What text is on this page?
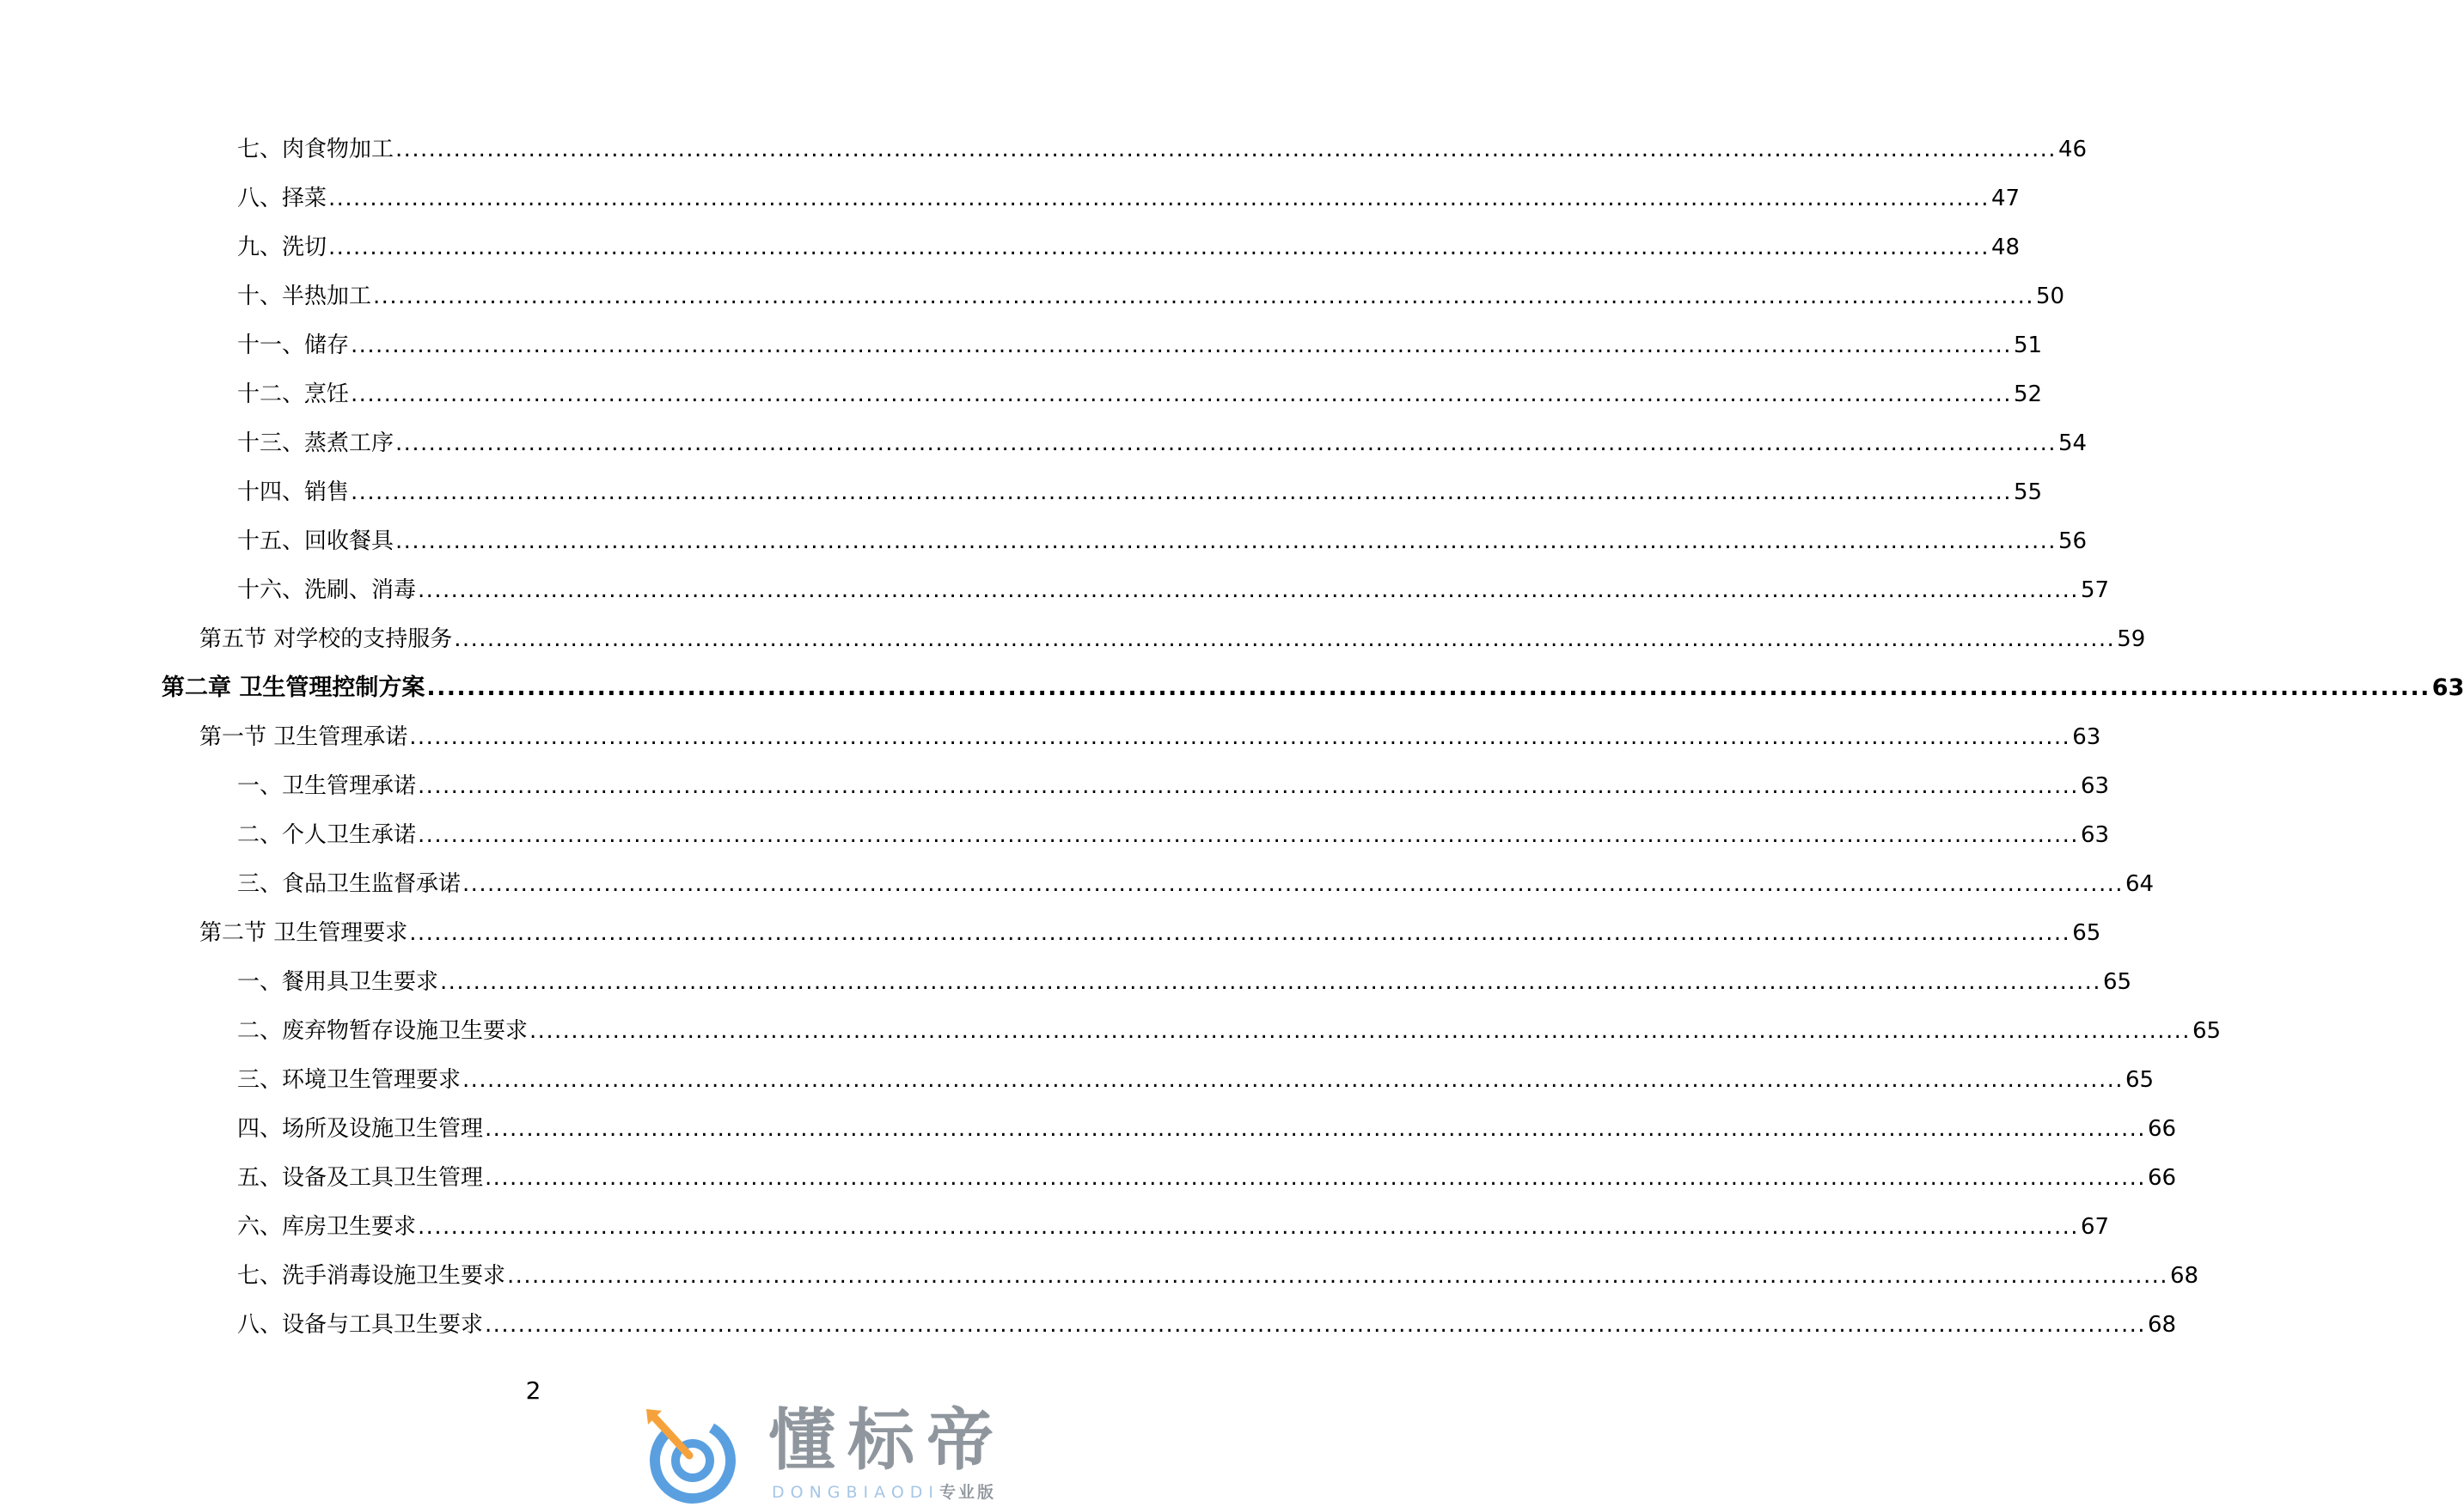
七、肉食物加工 ........................................................................................................................................................................................................ 46
八、择菜 ........................................................................................................................................................................................................ 47
九、洗切 ........................................................................................................................................................................................................ 48
十、半热加工 ........................................................................................................................................................................................................ 50
十一、储存 ........................................................................................................................................................................................................ 51
十二、烹饪 ........................................................................................................................................................................................................ 52
十三、蒸煮工序 ........................................................................................................................................................................................................ 54
十四、销售 ........................................................................................................................................................................................................ 55
十五、回收餐具 ........................................................................................................................................................................................................ 56
十六、洗刷、消毒 ........................................................................................................................................................................................................ 57
第五节 对学校的支持服务 ........................................................................................................................................................................................................ 59
第二章 卫生管理控制方案 ........................................................................................................................................................................................................ 63
第一节 卫生管理承诺 ........................................................................................................................................................................................................ 63
一、卫生管理承诺 ........................................................................................................................................................................................................ 63
二、个人卫生承诺 ........................................................................................................................................................................................................ 63
三、食品卫生监督承诺 ........................................................................................................................................................................................................ 64
第二节 卫生管理要求 ........................................................................................................................................................................................................ 65
一、餐用具卫生要求 ........................................................................................................................................................................................................ 65
二、废弃物暂存设施卫生要求 ........................................................................................................................................................................................................ 65
三、环境卫生管理要求 ........................................................................................................................................................................................................ 65
四、场所及设施卫生管理 ........................................................................................................................................................................................................ 66
五、设备及工具卫生管理 ........................................................................................................................................................................................................ 66
六、库房卫生要求 ........................................................................................................................................................................................................ 67
七、洗手消毒设施卫生要求 ........................................................................................................................................................................................................ 68
八、设备与工具卫生要求 ........................................................................................................................................................................................................ 68
2
懂标帝
DONGBIAODI专业版
